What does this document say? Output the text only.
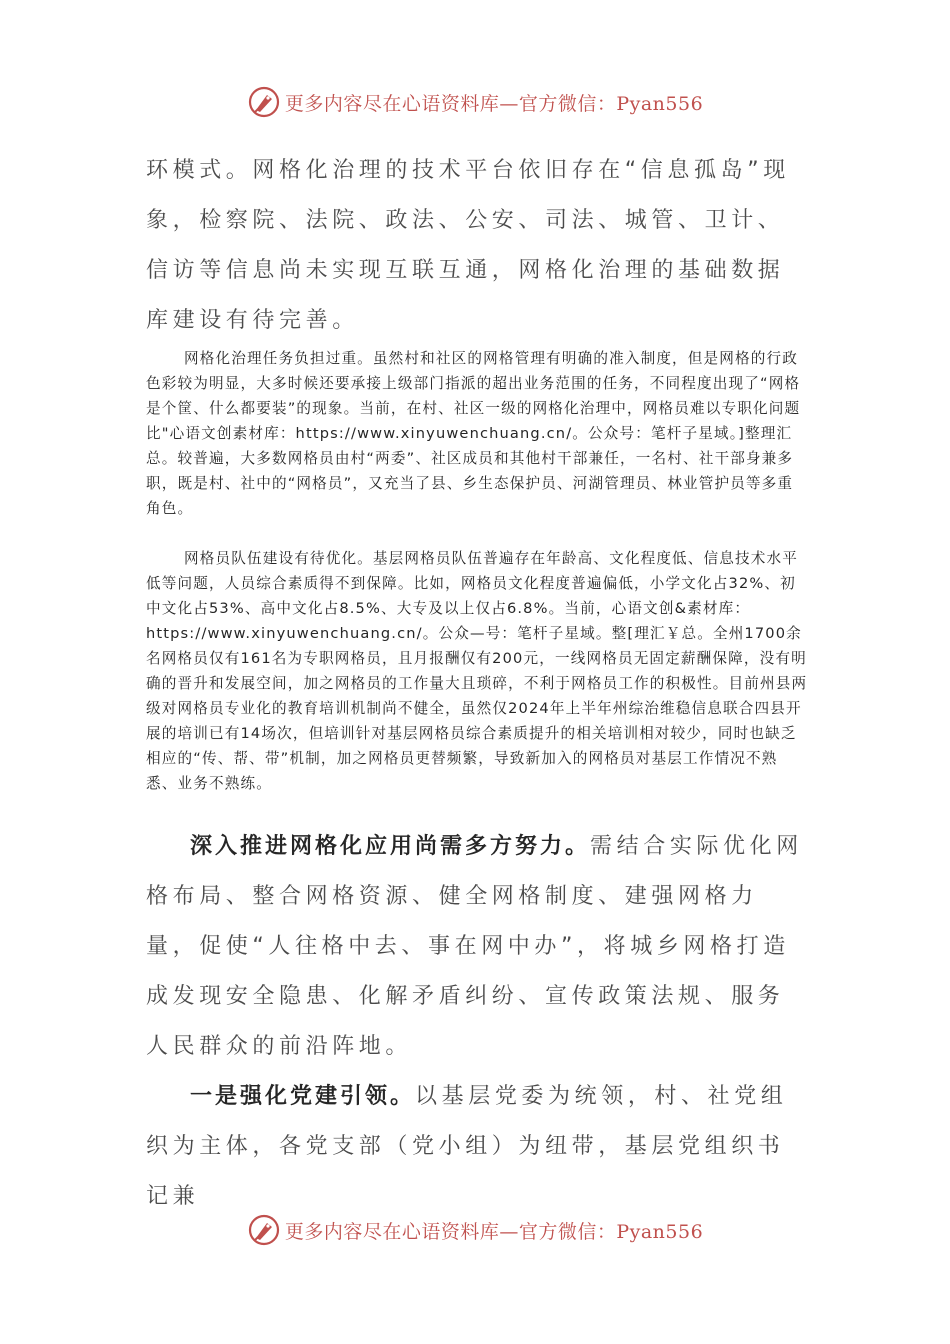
更多内容尽在心语资料库—官方微信：Pyan556

环模式。网格化治理的技术平台依旧存在“信息孤岛”现象，检察院、法院、政法、公安、司法、城管、卫计、信访等信息尚未实现互联互通，网格化治理的基础数据库建设有待完善。

网格化治理任务负担过重。虽然村和社区的网格管理有明确的准入制度，但是网格的行政色彩较为明显，大多时候还要承接上级部门指派的超出业务范围的任务，不同程度出现了“网格是个筐、什么都要装”的现象。当前，在村、社区一级的网格化治理中，网格员难以专职化问题比"心语文创素材库：https://www.xinyuwenchuang.cn/。公众号：笔杆子星域。]整理汇总。较普遍，大多数网格员由村“两委”、社区成员和其他村干部兼任，一名村、社干部身兼多职，既是村、社中的“网格员”，又充当了县、乡生态保护员、河湖管理员、林业管护员等多重角色。

网格员队伍建设有待优化。基层网格员队伍普遍存在年龄高、文化程度低、信息技术水平低等问题，人员综合素质得不到保障。比如，网格员文化程度普遍偏低，小学文化占32%、初中文化占53%、高中文化占8.5%、大专及以上仅占6.8%。当前，心语文创&素材库：https://www.xinyuwenchuang.cn/。公众—号：笔杆子星域。整[理汇￥总。全州1700余名网格员仅有161名为专职网格员，且月报酬仅有200元，一线网格员无固定薪酬保障，没有明确的晋升和发展空间，加之网格员的工作量大且琐碎，不利于网格员工作的积极性。目前州县两级对网格员专业化的教育培训机制尚不健全，虽然仅2024年上半年州综治维稳信息联合四县开展的培训已有14场次，但培训针对基层网格员综合素质提升的相关培训相对较少，同时也缺乏相应的“传、帮、带”机制，加之网格员更替频繁，导致新加入的网格员对基层工作情况不熟悉、业务不熟练。

深入推进网格化应用尚需多方努力。需结合实际优化网格布局、整合网格资源、健全网格制度、建强网格力量，促使“人往格中去、事在网中办”，将城乡网格打造成发现安全隐患、化解矛盾纠纷、宣传政策法规、服务人民群众的前沿阵地。

一是强化党建引领。以基层党委为统领，村、社党组织为主体，各党支部（党小组）为纽带，基层党组织书记兼

更多内容尽在心语资料库—官方微信：Pyan556
